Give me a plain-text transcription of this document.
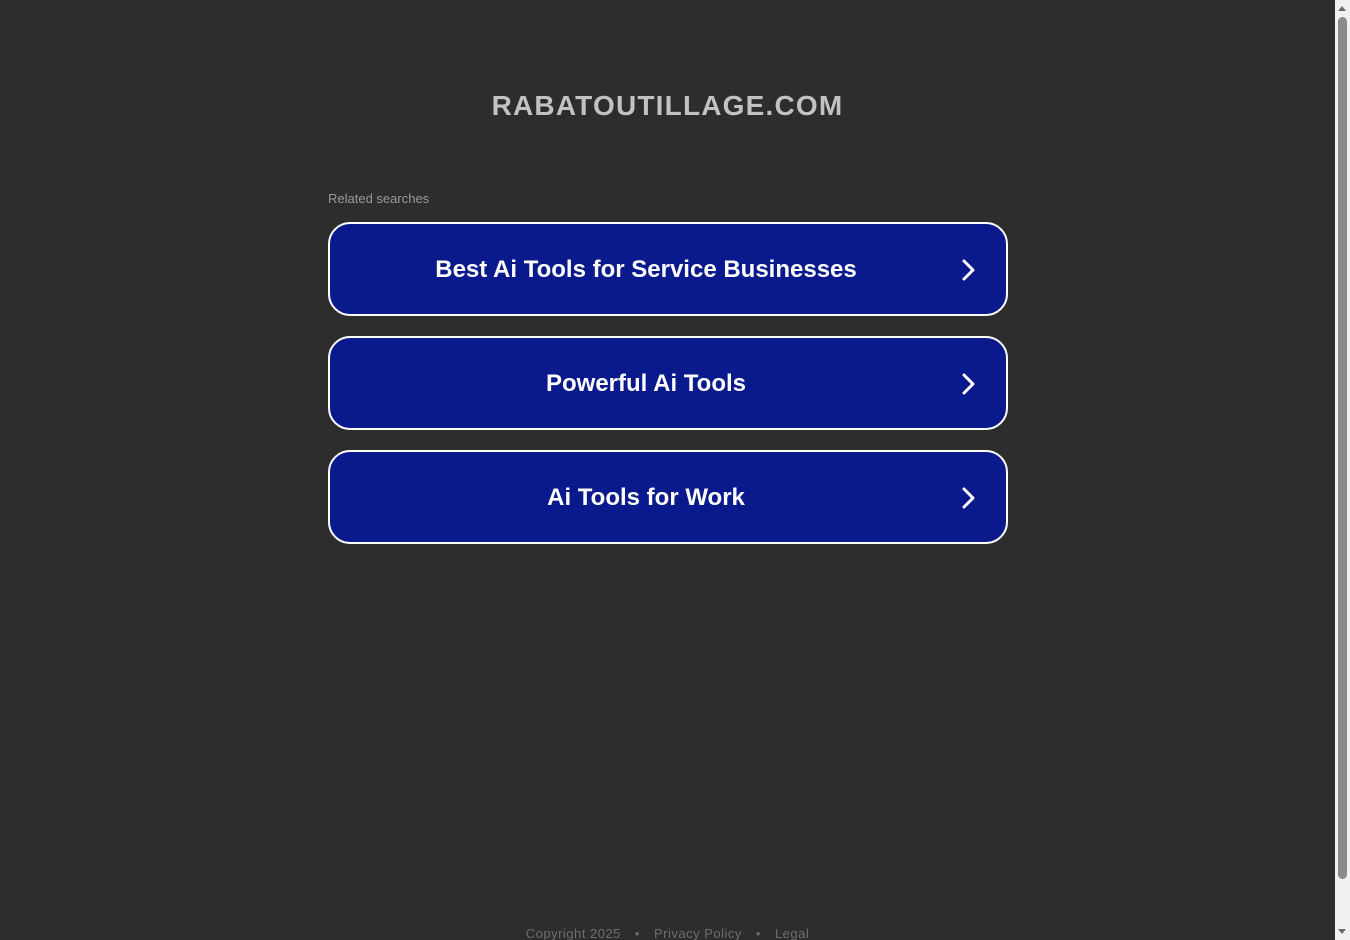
RABATOUTILLAGE.COM
Related searches
Best Ai Tools for Service Businesses
Powerful Ai Tools
Ai Tools for Work
Copyright 2025 • Privacy Policy • Legal
